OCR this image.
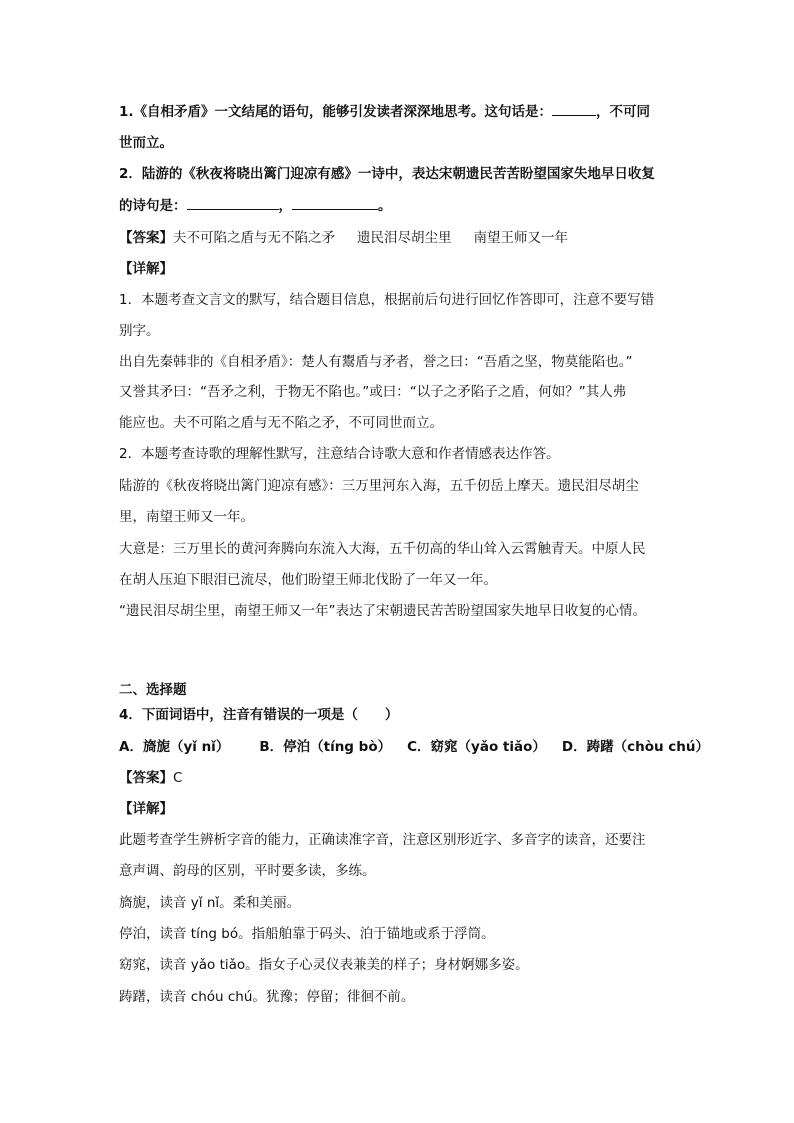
1.《自相矛盾》一文结尾的语句，能够引发读者深深地思考。这句话是：	，不可同
世而立。
2．陆游的《秋夜将晓出篱门迎凉有感》一诗中，表达宋朝遗民苦苦盼望国家失地早日收复
的诗句是：	，	。
【答案】夫不可陷之盾与无不陷之矛 遗民泪尽胡尘里 南望王师又一年
【详解】
1．本题考查文言文的默写，结合题目信息，根据前后句进行回忆作答即可，注意不要写错
别字。
出自先秦韩非的《自相矛盾》：楚人有鬻盾与矛者，誉之曰：“吾盾之坚，物莫能陷也。”
又誉其矛曰：“吾矛之利，于物无不陷也。”或曰：“以子之矛陷子之盾，何如？”其人弗
能应也。夫不可陷之盾与无不陷之矛，不可同世而立。
2．本题考查诗歌的理解性默写，注意结合诗歌大意和作者情感表达作答。
陆游的《秋夜将晓出篱门迎凉有感》：三万里河东入海，五千仞岳上摩天。遗民泪尽胡尘
里，南望王师又一年。
大意是：三万里长的黄河奔腾向东流入大海，五千仞高的华山耸入云霄触青天。中原人民
在胡人压迫下眼泪已流尽，他们盼望王师北伐盼了一年又一年。
“遗民泪尽胡尘里，南望王师又一年”表达了宋朝遗民苦苦盼望国家失地早日收复的心情。
二、选择题
4．下面词语中，注音有错误的一项是（　　）
A．旖旎（yǐ nǐ） B．停泊（tíng bò） C．窈窕（yǎo tiǎo） D．踌躇（chòu chú）
【答案】C
【详解】
此题考查学生辨析字音的能力，正确读准字音，注意区别形近字、多音字的读音，还要注
意声调、韵母的区别，平时要多读，多练。
旖旎，读音 yǐ nǐ。柔和美丽。
停泊，读音 tíng bó。指船舶靠于码头、泊于锚地或系于浮筒。
窈窕，读音 yǎo tiǎo。指女子心灵仪表兼美的样子；身材婀娜多姿。
踌躇，读音 chóu chú。犹豫；停留；徘徊不前。
